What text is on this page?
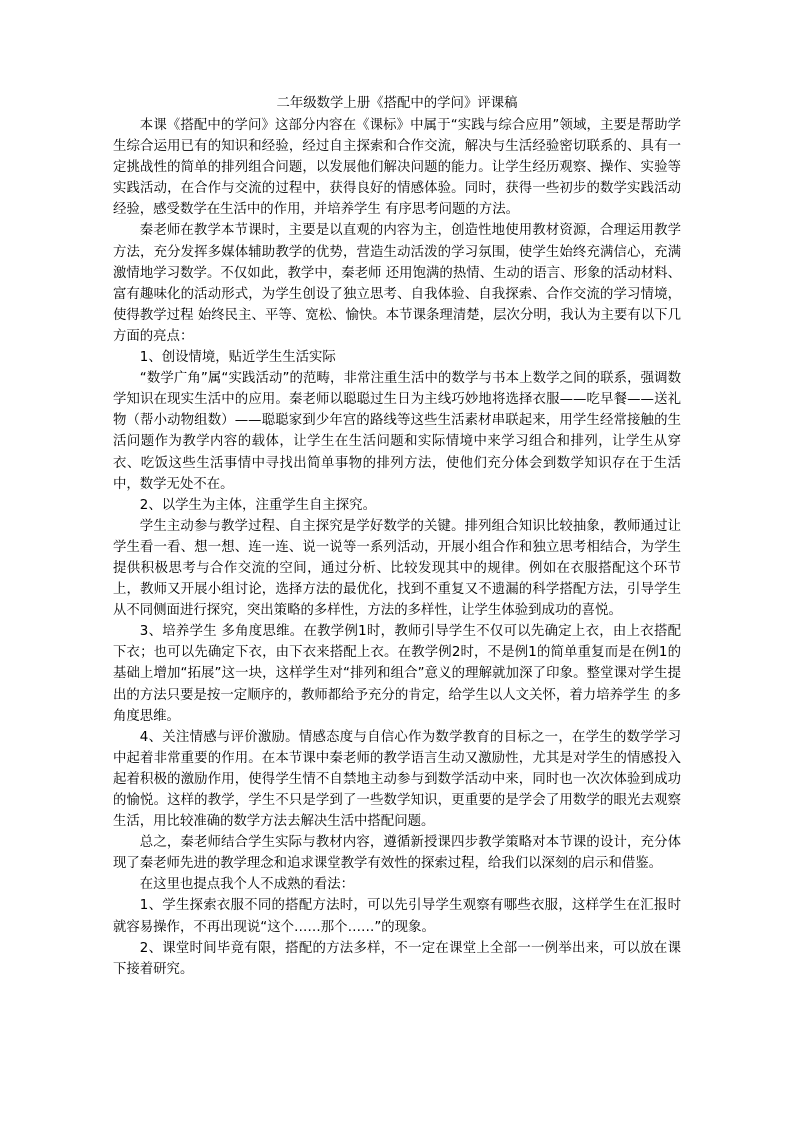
二年级数学上册《搭配中的学问》评课稿

本课《搭配中的学问》这部分内容在《课标》中属于“实践与综合应用”领域，主要是帮助学生综合运用已有的知识和经验，经过自主探索和合作交流，解决与生活经验密切联系的、具有一定挑战性的简单的排列组合问题，以发展他们解决问题的能力。让学生经历观察、操作、实验等实践活动，在合作与交流的过程中，获得良好的情感体验。同时，获得一些初步的数学实践活动经验，感受数学在生活中的作用，并培养学生 有序思考问题的方法。

秦老师在教学本节课时，主要是以直观的内容为主，创造性地使用教材资源，合理运用教学方法，充分发挥多媒体辅助教学的优势，营造生动活泼的学习氛围，使学生始终充满信心，充满激情地学习数学。不仅如此，教学中，秦老师 还用饱满的热情、生动的语言、形象的活动材料、富有趣味化的活动形式，为学生创设了独立思考、自我体验、自我探索、合作交流的学习情境，使得教学过程 始终民主、平等、宽松、愉快。本节课条理清楚，层次分明，我认为主要有以下几方面的亮点：

1、创设情境，贴近学生生活实际

“数学广角”属“实践活动”的范畴，非常注重生活中的数学与书本上数学之间的联系，强调数学知识在现实生活中的应用。秦老师以聪聪过生日为主线巧妙地将选择衣服——吃早餐——送礼物（帮小动物组数）——聪聪家到少年宫的路线等这些生活素材串联起来，用学生经常接触的生活问题作为教学内容的载体，让学生在生活问题和实际情境中来学习组合和排列，让学生从穿衣、吃饭这些生活事情中寻找出简单事物的排列方法，使他们充分体会到数学知识存在于生活中，数学无处不在。

2、以学生为主体，注重学生自主探究。

学生主动参与教学过程、自主探究是学好数学的关键。排列组合知识比较抽象，教师通过让学生看一看、想一想、连一连、说一说等一系列活动，开展小组合作和独立思考相结合，为学生提供积极思考与合作交流的空间，通过分析、比较发现其中的规律。例如在衣服搭配这个环节上，教师又开展小组讨论，选择方法的最优化，找到不重复又不遗漏的科学搭配方法，引导学生从不同侧面进行探究，突出策略的多样性，方法的多样性，让学生体验到成功的喜悦。

3、培养学生 多角度思维。在教学例1时，教师引导学生不仅可以先确定上衣，由上衣搭配下衣；也可以先确定下衣，由下衣来搭配上衣。在教学例2时，不是例1的简单重复而是在例1的基础上增加“拓展”这一块，这样学生对“排列和组合”意义的理解就加深了印象。整堂课对学生提出的方法只要是按一定顺序的，教师都给予充分的肯定，给学生以人文关怀，着力培养学生 的多角度思维。

4、关注情感与评价激励。情感态度与自信心作为数学教育的目标之一，在学生的数学学习中起着非常重要的作用。在本节课中秦老师的教学语言生动又激励性，尤其是对学生的情感投入起着积极的激励作用，使得学生情不自禁地主动参与到数学活动中来，同时也一次次体验到成功的愉悦。这样的教学，学生不只是学到了一些数学知识，更重要的是学会了用数学的眼光去观察生活，用比较准确的数学方法去解决生活中搭配问题。

总之，秦老师结合学生实际与教材内容，遵循新授课四步教学策略对本节课的设计，充分体现了秦老师先进的教学理念和追求课堂教学有效性的探索过程，给我们以深刻的启示和借鉴。

在这里也提点我个人不成熟的看法：

1、学生探索衣服不同的搭配方法时，可以先引导学生观察有哪些衣服，这样学生在汇报时就容易操作，不再出现说“这个……那个……”的现象。

2、课堂时间毕竟有限，搭配的方法多样，不一定在课堂上全部一一例举出来，可以放在课下接着研究。
